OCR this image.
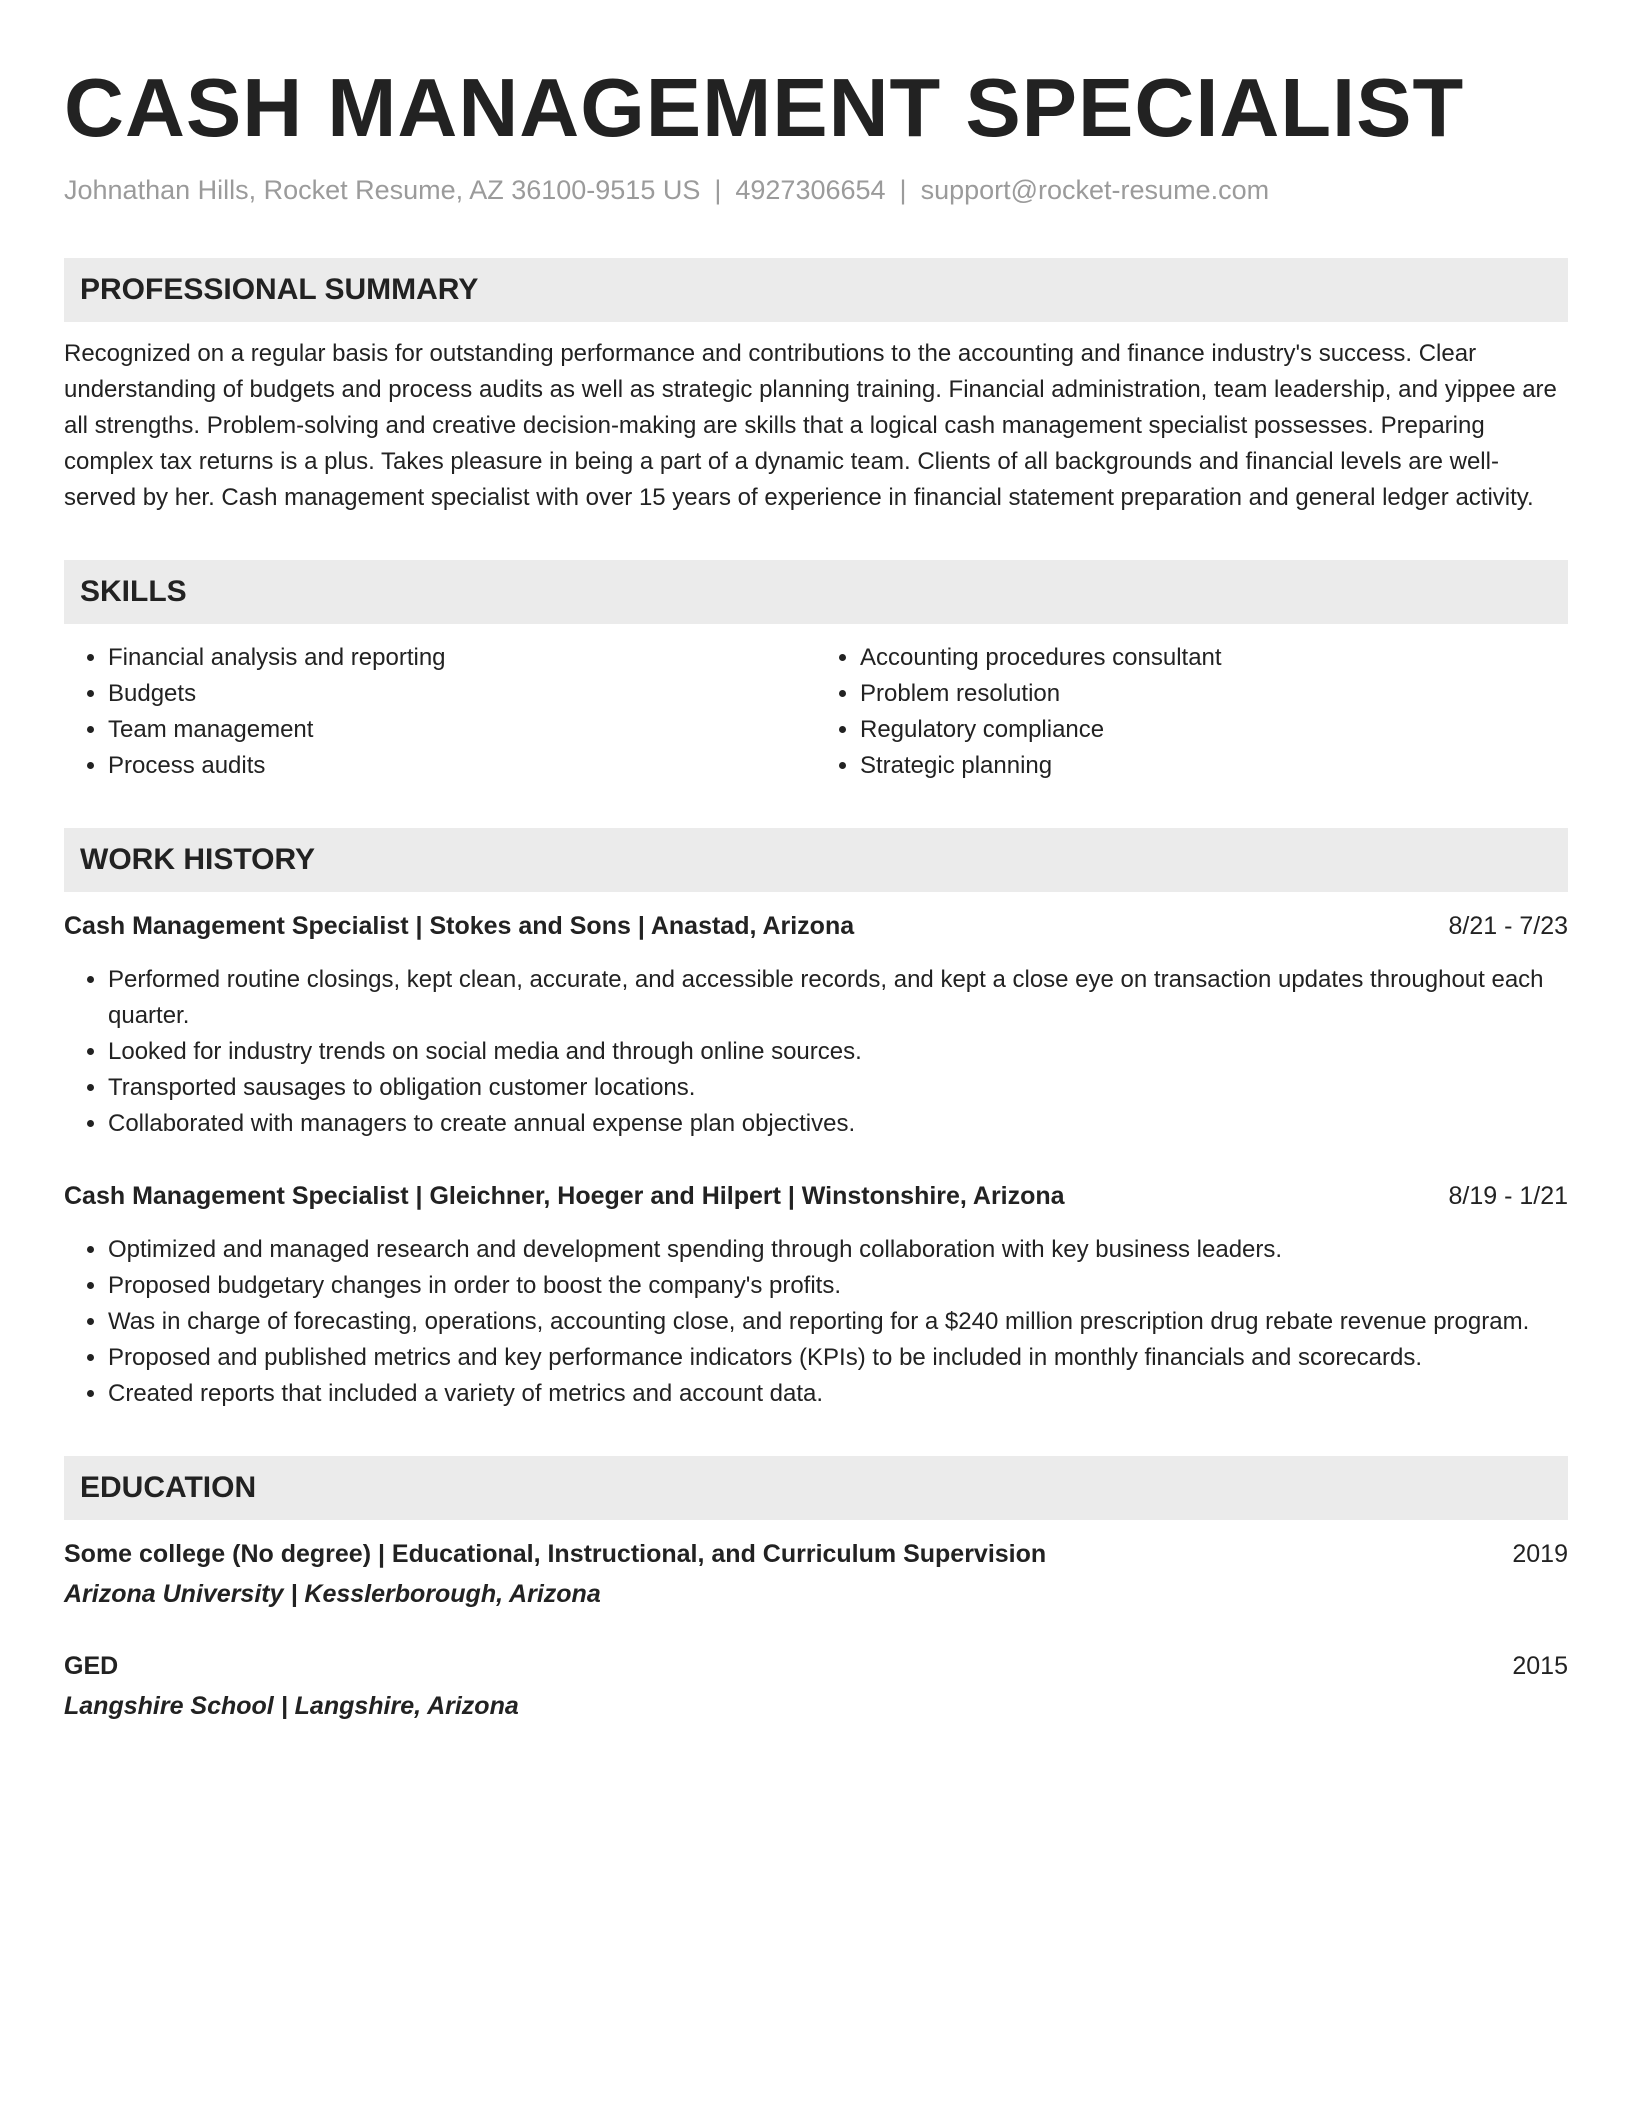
CASH MANAGEMENT SPECIALIST
Johnathan Hills, Rocket Resume, AZ 36100-9515 US | 4927306654 | support@rocket-resume.com
PROFESSIONAL SUMMARY
Recognized on a regular basis for outstanding performance and contributions to the accounting and finance industry's success. Clear understanding of budgets and process audits as well as strategic planning training. Financial administration, team leadership, and yippee are all strengths. Problem-solving and creative decision-making are skills that a logical cash management specialist possesses. Preparing complex tax returns is a plus. Takes pleasure in being a part of a dynamic team. Clients of all backgrounds and financial levels are well-served by her. Cash management specialist with over 15 years of experience in financial statement preparation and general ledger activity.
SKILLS
• Financial analysis and reporting
• Budgets
• Team management
• Process audits
• Accounting procedures consultant
• Problem resolution
• Regulatory compliance
• Strategic planning
WORK HISTORY
Cash Management Specialist | Stokes and Sons | Anastad, Arizona	8/21 - 7/23
• Performed routine closings, kept clean, accurate, and accessible records, and kept a close eye on transaction updates throughout each quarter.
• Looked for industry trends on social media and through online sources.
• Transported sausages to obligation customer locations.
• Collaborated with managers to create annual expense plan objectives.
Cash Management Specialist | Gleichner, Hoeger and Hilpert | Winstonshire, Arizona	8/19 - 1/21
• Optimized and managed research and development spending through collaboration with key business leaders.
• Proposed budgetary changes in order to boost the company's profits.
• Was in charge of forecasting, operations, accounting close, and reporting for a $240 million prescription drug rebate revenue program.
• Proposed and published metrics and key performance indicators (KPIs) to be included in monthly financials and scorecards.
• Created reports that included a variety of metrics and account data.
EDUCATION
Some college (No degree) | Educational, Instructional, and Curriculum Supervision	2019
Arizona University | Kesslerborough, Arizona
GED	2015
Langshire School | Langshire, Arizona
